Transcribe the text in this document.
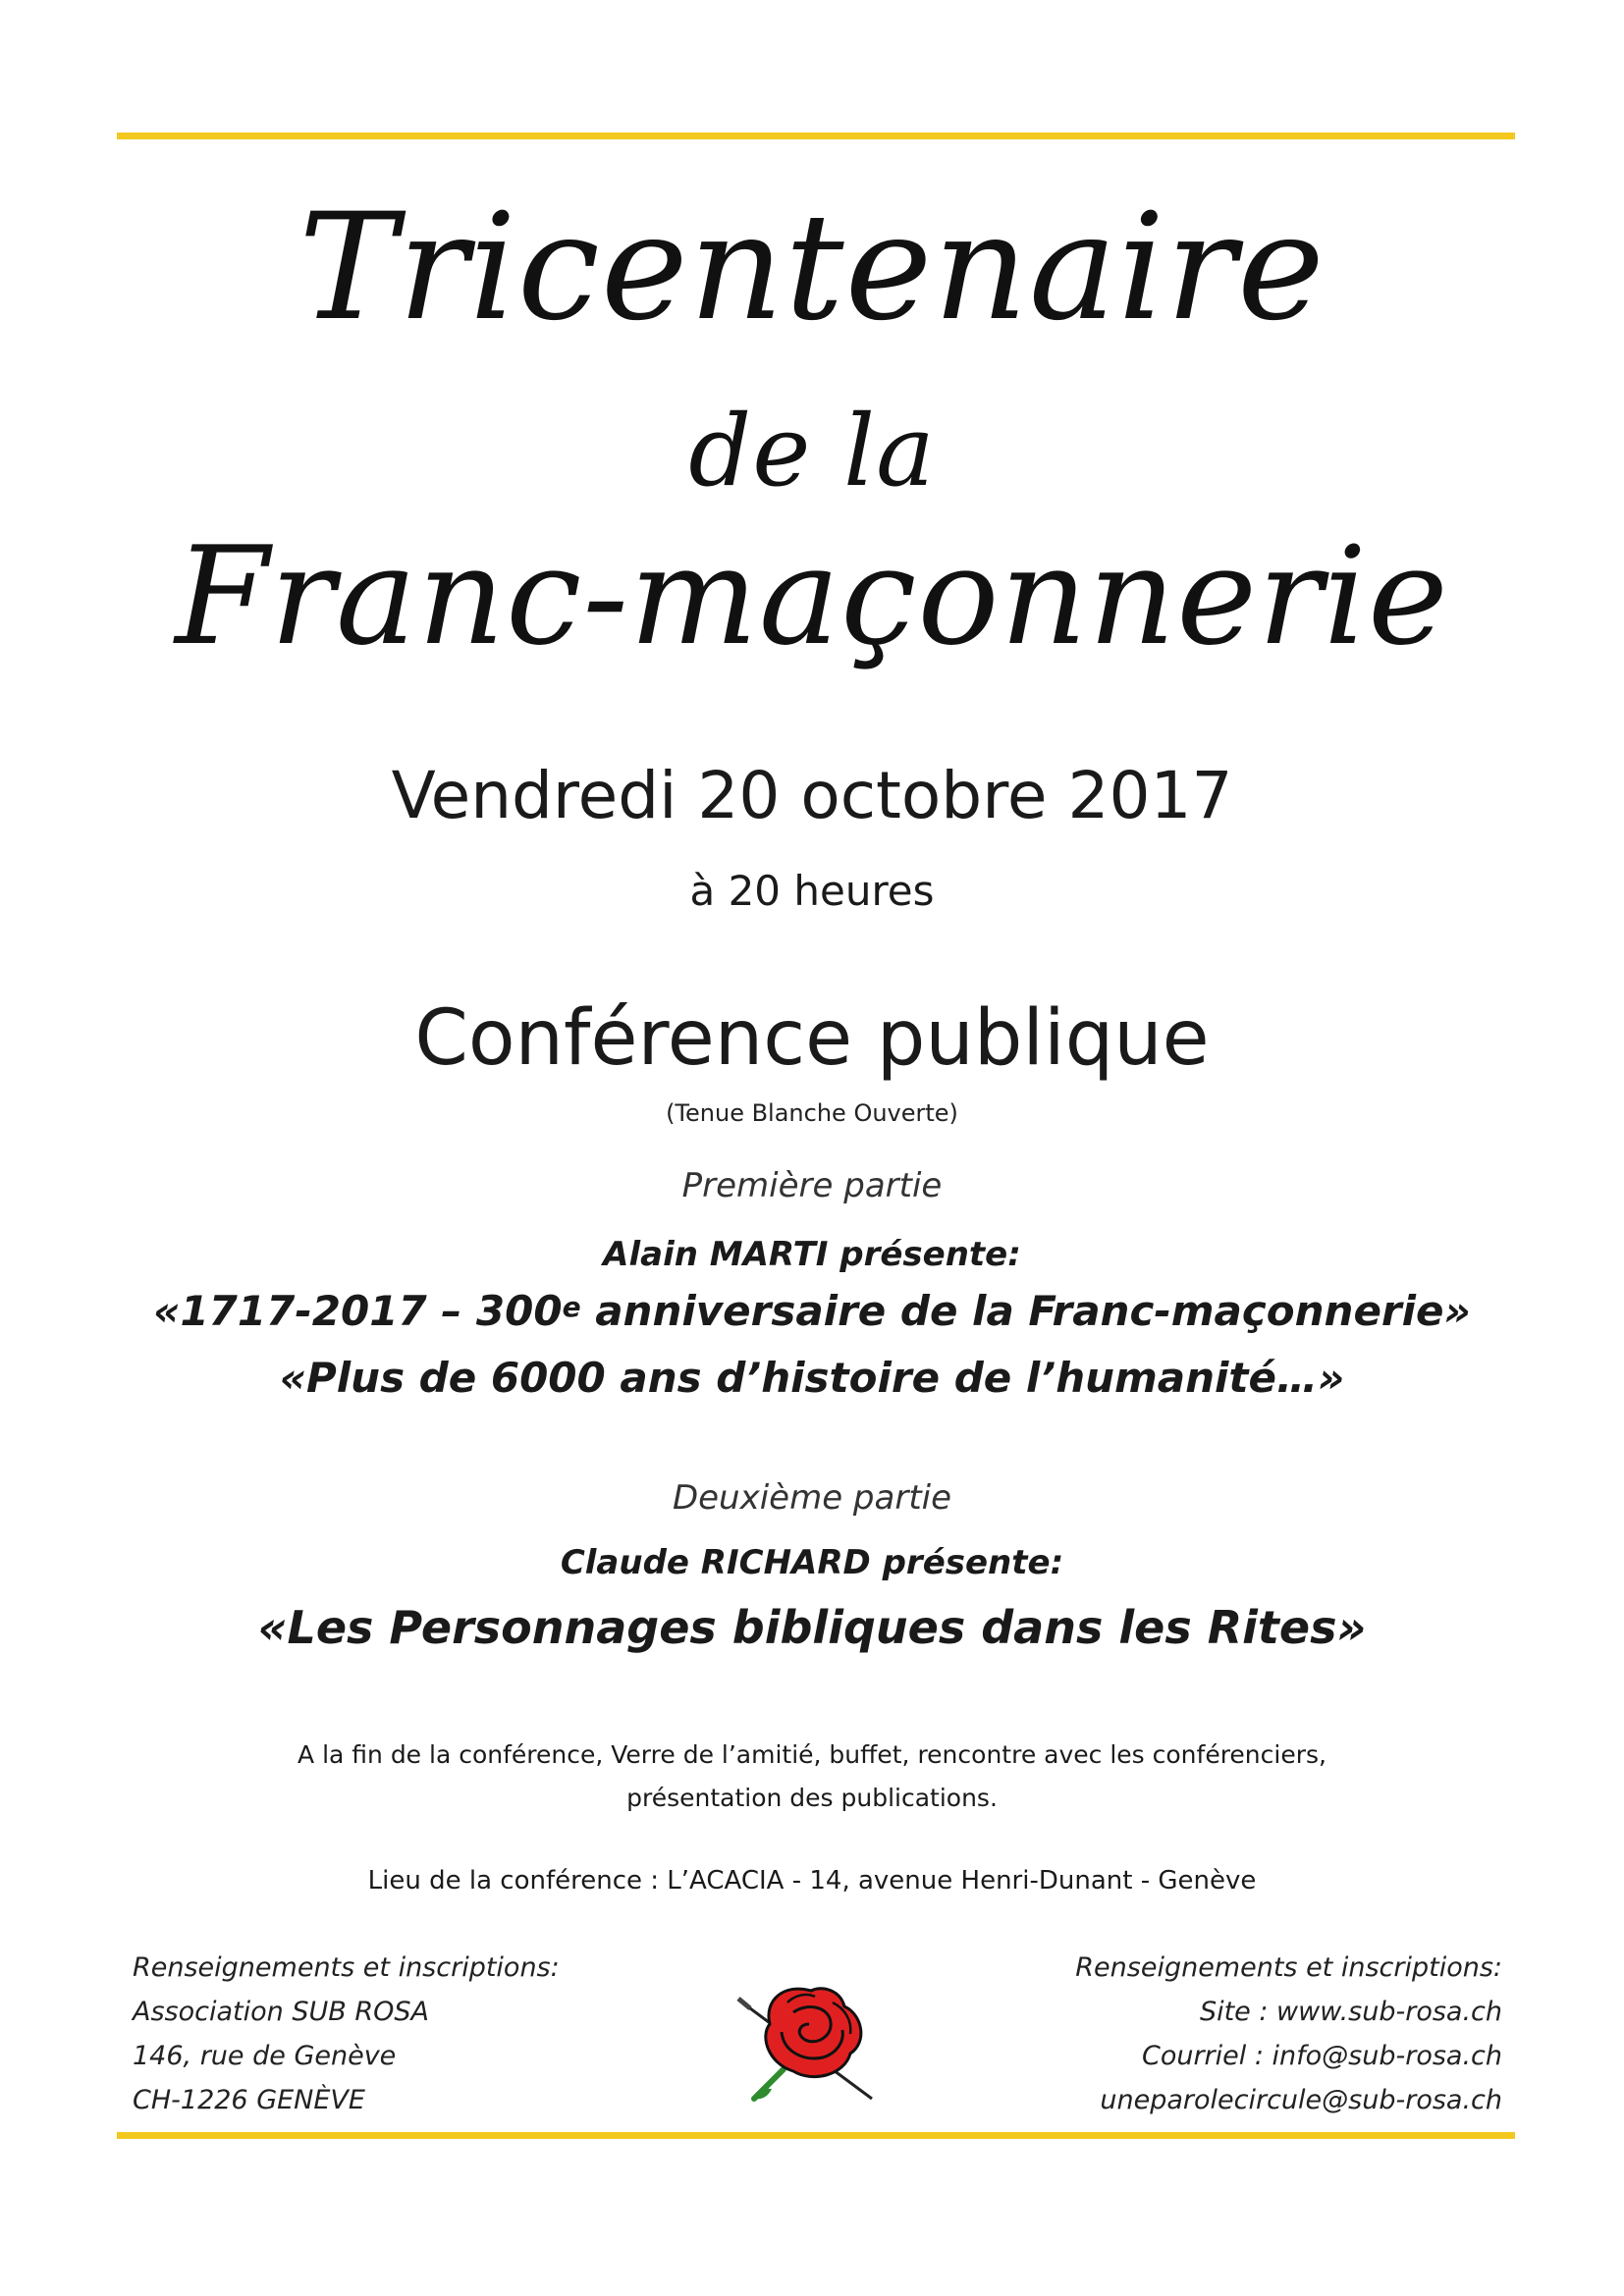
Tricentenaire
de la
Franc-maçonnerie
Vendredi 20 octobre 2017
à 20 heures
Conférence publique
(Tenue Blanche Ouverte)
Première partie
Alain MARTI présente:
«1717-2017 – 300e anniversaire de la Franc-maçonnerie»
«Plus de 6000 ans d’histoire de l’humanité…»
Deuxième partie
Claude RICHARD présente:
«Les Personnages bibliques dans les Rites»
A la fin de la conférence, Verre de l’amitié, buffet, rencontre avec les conférenciers,
présentation des publications.
Lieu de la conférence : L’ACACIA - 14, avenue Henri-Dunant - Genève
Renseignements et inscriptions:
Association SUB ROSA
146, rue de Genève
CH-1226 GENÈVE
Renseignements et inscriptions:
Site : www.sub-rosa.ch
Courriel : info@sub-rosa.ch
uneparolecircule@sub-rosa.ch
